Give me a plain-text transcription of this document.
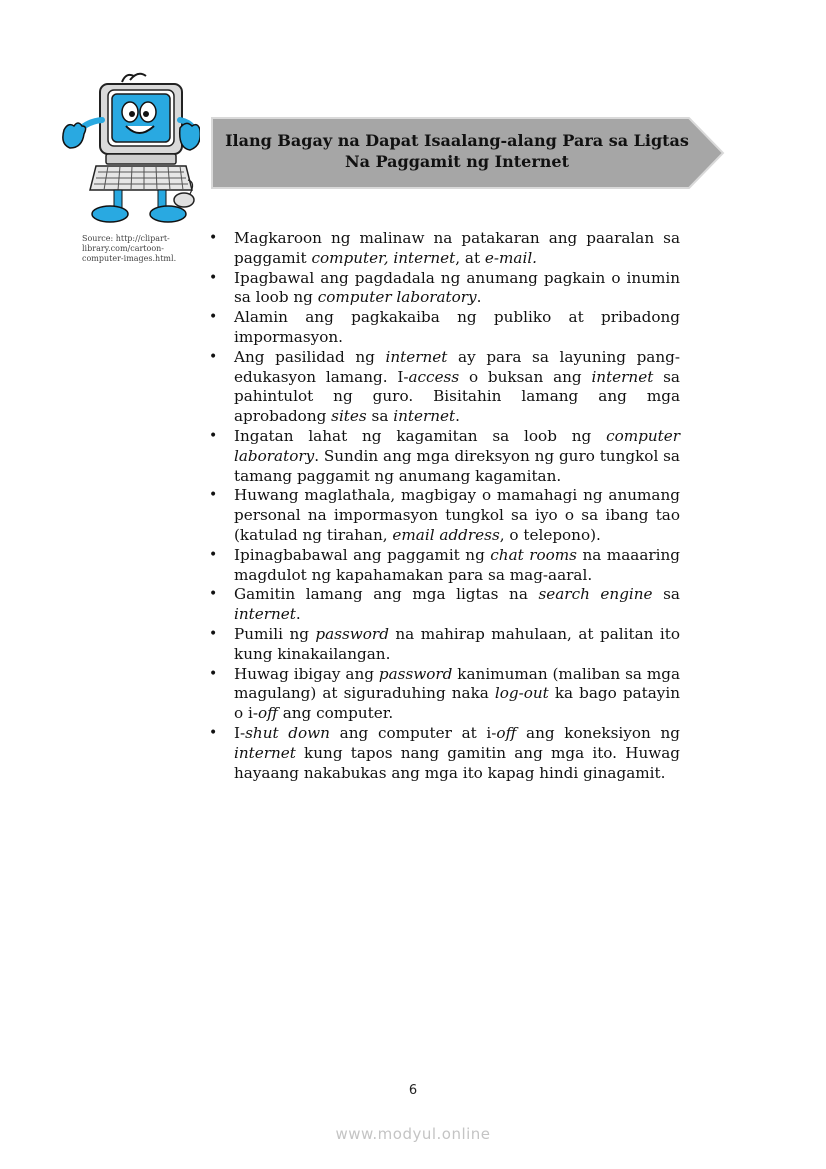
Source: http://clipart-library.com/cartoon-computer-images.html.
Ilang Bagay na Dapat Isaalang-alang Para sa Ligtas
Na Paggamit ng Internet
• Magkaroon ng malinaw na patakaran ang paaralan sa paggamit computer, internet, at e-mail.
• Ipagbawal ang pagdadala ng anumang pagkain o inumin sa loob ng computer laboratory.
• Alamin ang pagkakaiba ng publiko at pribadong impormasyon.
• Ang pasilidad ng internet ay para sa layuning pang-edukasyon lamang. I-access o buksan ang internet sa pahintulot ng guro. Bisitahin lamang ang mga aprobadong sites sa internet.
• Ingatan lahat ng kagamitan sa loob ng computer laboratory. Sundin ang mga direksyon ng guro tungkol sa tamang paggamit ng anumang kagamitan.
• Huwang maglathala, magbigay o mamahagi ng anumang personal na impormasyon tungkol sa iyo o sa ibang tao (katulad ng tirahan, email address, o telepono).
• Ipinagbabawal ang paggamit ng chat rooms na maaaring magdulot ng kapahamakan para sa mag-aaral.
• Gamitin lamang ang mga ligtas na search engine sa internet.
• Pumili ng password na mahirap mahulaan, at palitan ito kung kinakailangan.
• Huwag ibigay ang password kanimuman (maliban sa mga magulang) at siguraduhing naka log-out ka bago patayin o i-off ang computer.
• I-shut down ang computer at i-off ang koneksiyon ng internet kung tapos nang gamitin ang mga ito. Huwag hayaang nakabukas ang mga ito kapag hindi ginagamit.
6
www.modyul.online
